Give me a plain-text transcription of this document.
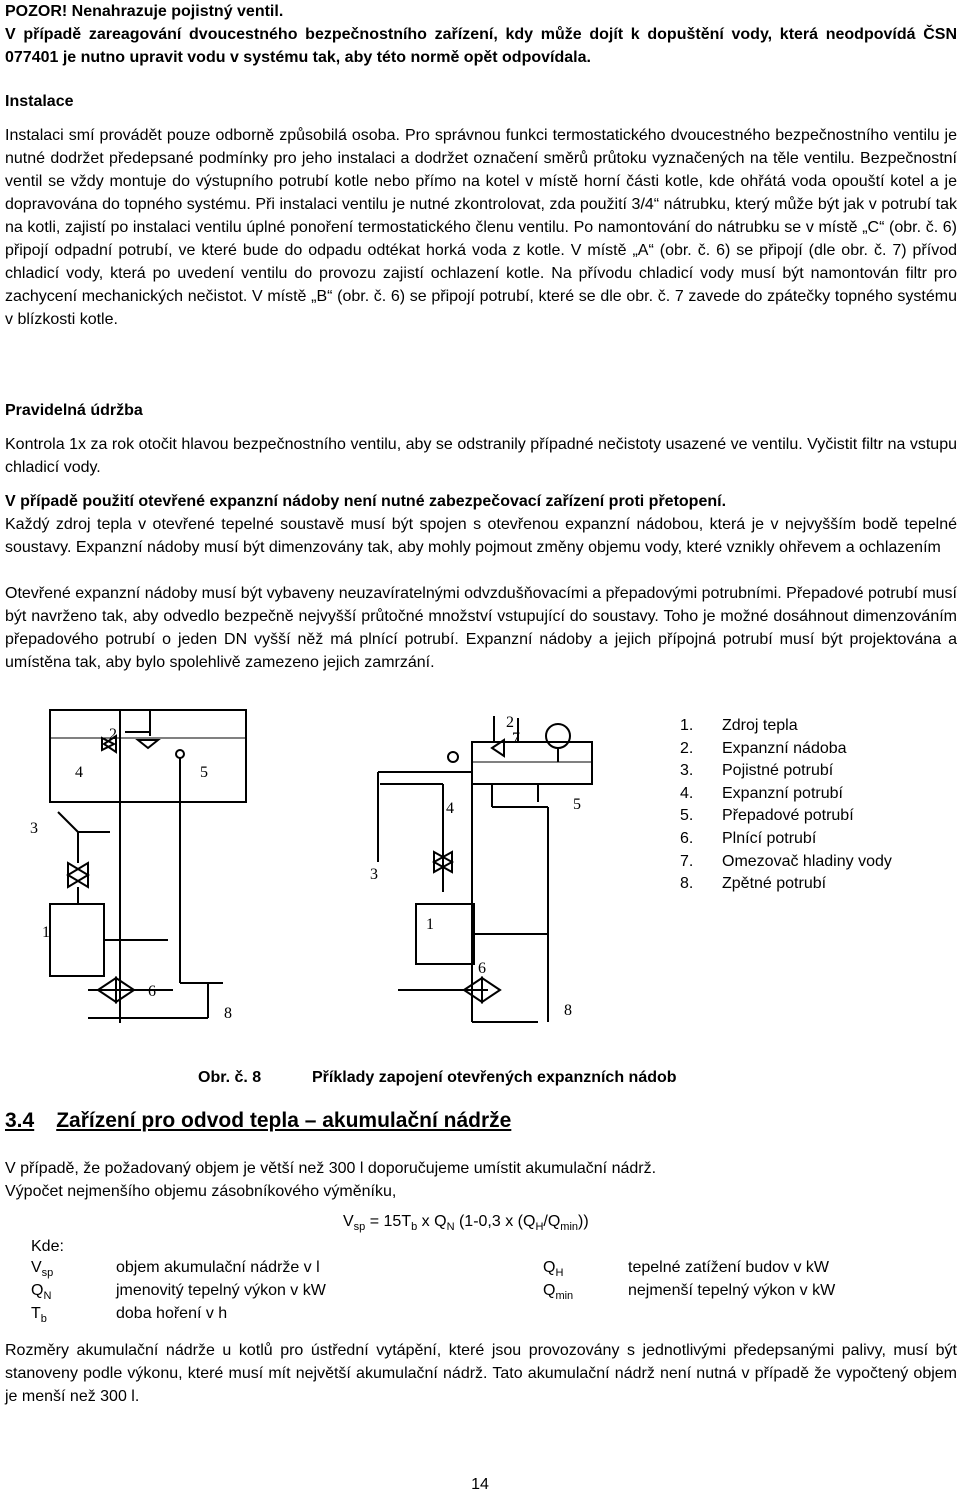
POZOR! Nenahrazuje pojistný ventil.
V případě zareagování dvoucestného bezpečnostního zařízení, kdy může dojít k dopuštění vody, která neodpovídá ČSN 077401 je nutno upravit vodu v systému tak, aby této normě opět odpovídala.
Instalace
Instalaci smí provádět pouze odborně způsobilá osoba. Pro správnou funkci termostatického dvoucestného bezpečnostního ventilu je nutné dodržet předepsané podmínky pro jeho instalaci a dodržet označení směrů průtoku vyznačených na těle ventilu. Bezpečnostní ventil se vždy montuje do výstupního potrubí kotle nebo přímo na kotel v místě horní části kotle, kde ohřátá voda opouští kotel a je dopravována do topného systému. Při instalaci ventilu je nutné zkontrolovat, zda použití 3/4“ nátrubku, který může být jak v potrubí tak na kotli, zajistí po instalaci ventilu úplné ponoření termostatického členu ventilu. Po namontování do nátrubku se v místě „C“ (obr. č. 6) připojí odpadní potrubí, ve které bude do odpadu odtékat horká voda z kotle. V místě „A“ (obr. č. 6) se připojí (dle obr. č. 7) přívod chladicí vody, která po uvedení ventilu do provozu zajistí ochlazení kotle. Na přívodu chladicí vody musí být namontován filtr pro zachycení mechanických nečistot. V místě „B“ (obr. č. 6) se připojí potrubí, které se dle obr. č. 7 zavede do zpátečky topného systému v blízkosti kotle.
Pravidelná údržba
Kontrola 1x za rok otočit hlavou bezpečnostního ventilu, aby se odstranily případné nečistoty usazené ve ventilu. Vyčistit filtr na vstupu chladicí vody.
V případě použití otevřené expanzní nádoby není nutné zabezpečovací zařízení proti přetopení.
Každý zdroj tepla v otevřené tepelné soustavě musí být spojen s otevřenou expanzní nádobou, která je v nejvyšším bodě tepelné soustavy. Expanzní nádoby musí být dimenzovány tak, aby mohly pojmout změny objemu vody, které vznikly ohřevem a ochlazením
Otevřené expanzní nádoby musí být vybaveny neuzavíratelnými odvzdušňovacími a přepadovými potrubními. Přepadové potrubí musí být navrženo tak, aby odvedlo bezpečně nejvyšší průtočné množství vstupující do soustavy. Toho je možné dosáhnout dimenzováním přepadového potrubí o jeden DN vyšší něž má plnící potrubí. Expanzní nádoby a jejich přípojná potrubí musí být projektována a umístěna tak, aby bylo spolehlivě zamezeno jejich zamrzání.
2
4	5
3
1
6
8
2
7
4	5
3
1
6
8
1.	Zdroj tepla
2.	Expanzní nádoba
3.	Pojistné potrubí
4.	Expanzní potrubí
5.	Přepadové potrubí
6.	Plnící potrubí
7.	Omezovač hladiny vody
8.	Zpětné potrubí
Obr. č. 8	Příklady zapojení otevřených expanzních nádob
3.4 Zařízení pro odvod tepla – akumulační nádrže
V případě, že požadovaný objem je větší než 300 l doporučujeme umístit akumulační nádrž.
Výpočet nejmenšího objemu zásobníkového výměníku,
$V_{sp} = 15T_b$ x $Q_N$ (1-0,3 x $(Q_H/Q_{min})$)
Kde:
$V_{sp}$	objem akumulační nádrže v l	$Q_H$	tepelné zatížení budov v kW
$Q_N$	jmenovitý tepelný výkon v kW	$Q_{min}$	nejmenší tepelný výkon v kW
$T_b$	doba hoření v h
Rozměry akumulační nádrže u kotlů pro ústřední vytápění, které jsou provozovány s jednotlivými předepsanými palivy, musí být stanoveny podle výkonu, které musí mít největší akumulační nádrž. Tato akumulační nádrž není nutná v případě že vypočtený objem je menší než 300 l.
14
